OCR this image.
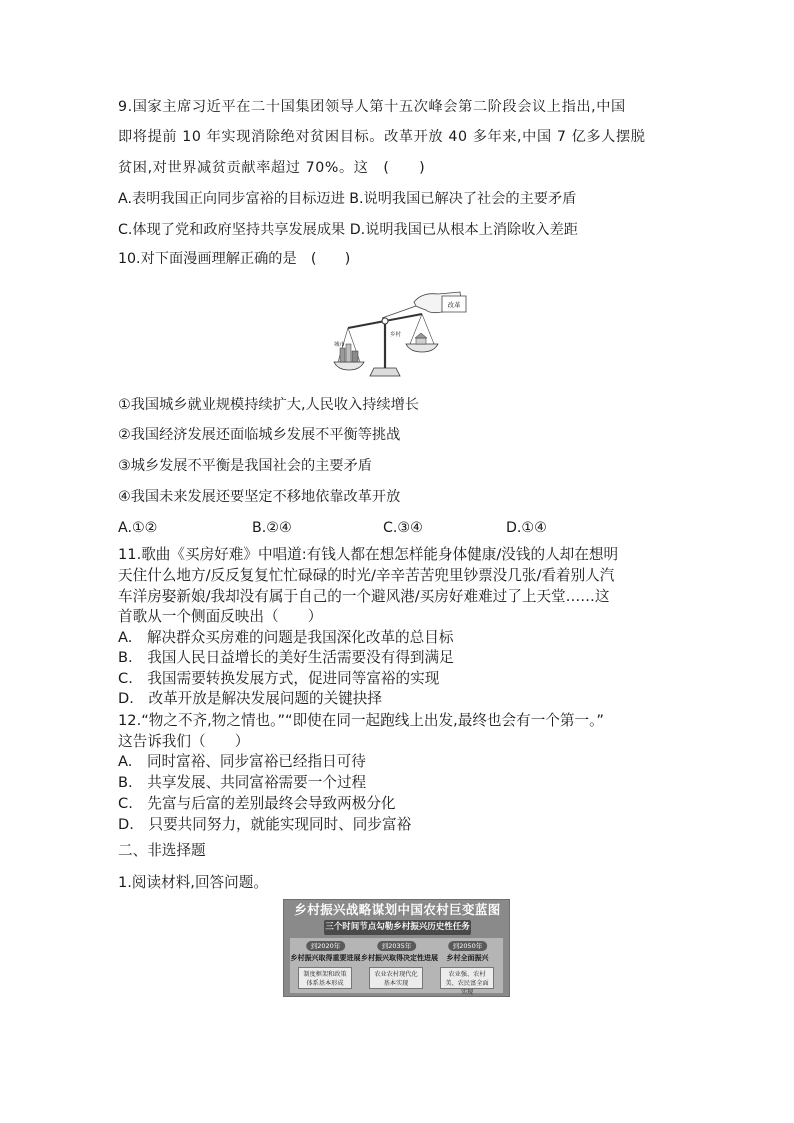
9.国家主席习近平在二十国集团领导人第十五次峰会第二阶段会议上指出,中国
即将提前 10 年实现消除绝对贫困目标。改革开放 40 多年来,中国 7 亿多人摆脱
贫困,对世界减贫贡献率超过 70%。这　(　　)
A.表明我国正向同步富裕的目标迈进 B.说明我国已解决了社会的主要矛盾
C.体现了党和政府坚持共享发展成果 D.说明我国已从根本上消除收入差距
10.对下面漫画理解正确的是　(　　)
改革
城市
乡村
①我国城乡就业规模持续扩大,人民收入持续增长
②我国经济发展还面临城乡发展不平衡等挑战
③城乡发展不平衡是我国社会的主要矛盾
④我国未来发展还要坚定不移地依靠改革开放
A.①②	B.②④	C.③④	D.①④
11.歌曲《买房好难》中唱道:有钱人都在想怎样能身体健康/没钱的人却在想明
天住什么地方/反反复复忙忙碌碌的时光/辛辛苦苦兜里钞票没几张/看着别人汽
车洋房娶新娘/我却没有属于自己的一个避风港/买房好难难过了上天堂……这
首歌从一个侧面反映出（　　）
A.　解决群众买房难的问题是我国深化改革的总目标
B.　我国人民日益增长的美好生活需要没有得到满足
C.　我国需要转换发展方式，促进同等富裕的实现
D.　改革开放是解决发展问题的关键抉择
12.“物之不齐,物之情也。”“即使在同一起跑线上出发,最终也会有一个第一。”
这告诉我们（　　）
A.　同时富裕、同步富裕已经指日可待
B.　共享发展、共同富裕需要一个过程
C.　先富与后富的差别最终会导致两极分化
D.　只要共同努力，就能实现同时、同步富裕
二、非选择题
1.阅读材料,回答问题。
乡村振兴战略谋划中国农村巨变蓝图
三个时间节点勾勒乡村振兴历史性任务
到2020年
乡村振兴取得重要进展
制度框架和政策体系基本形成
到2035年
乡村振兴取得决定性进展
农业农村现代化基本实现
到2050年
乡村全面振兴
农业强、农村美、农民富全面实现
